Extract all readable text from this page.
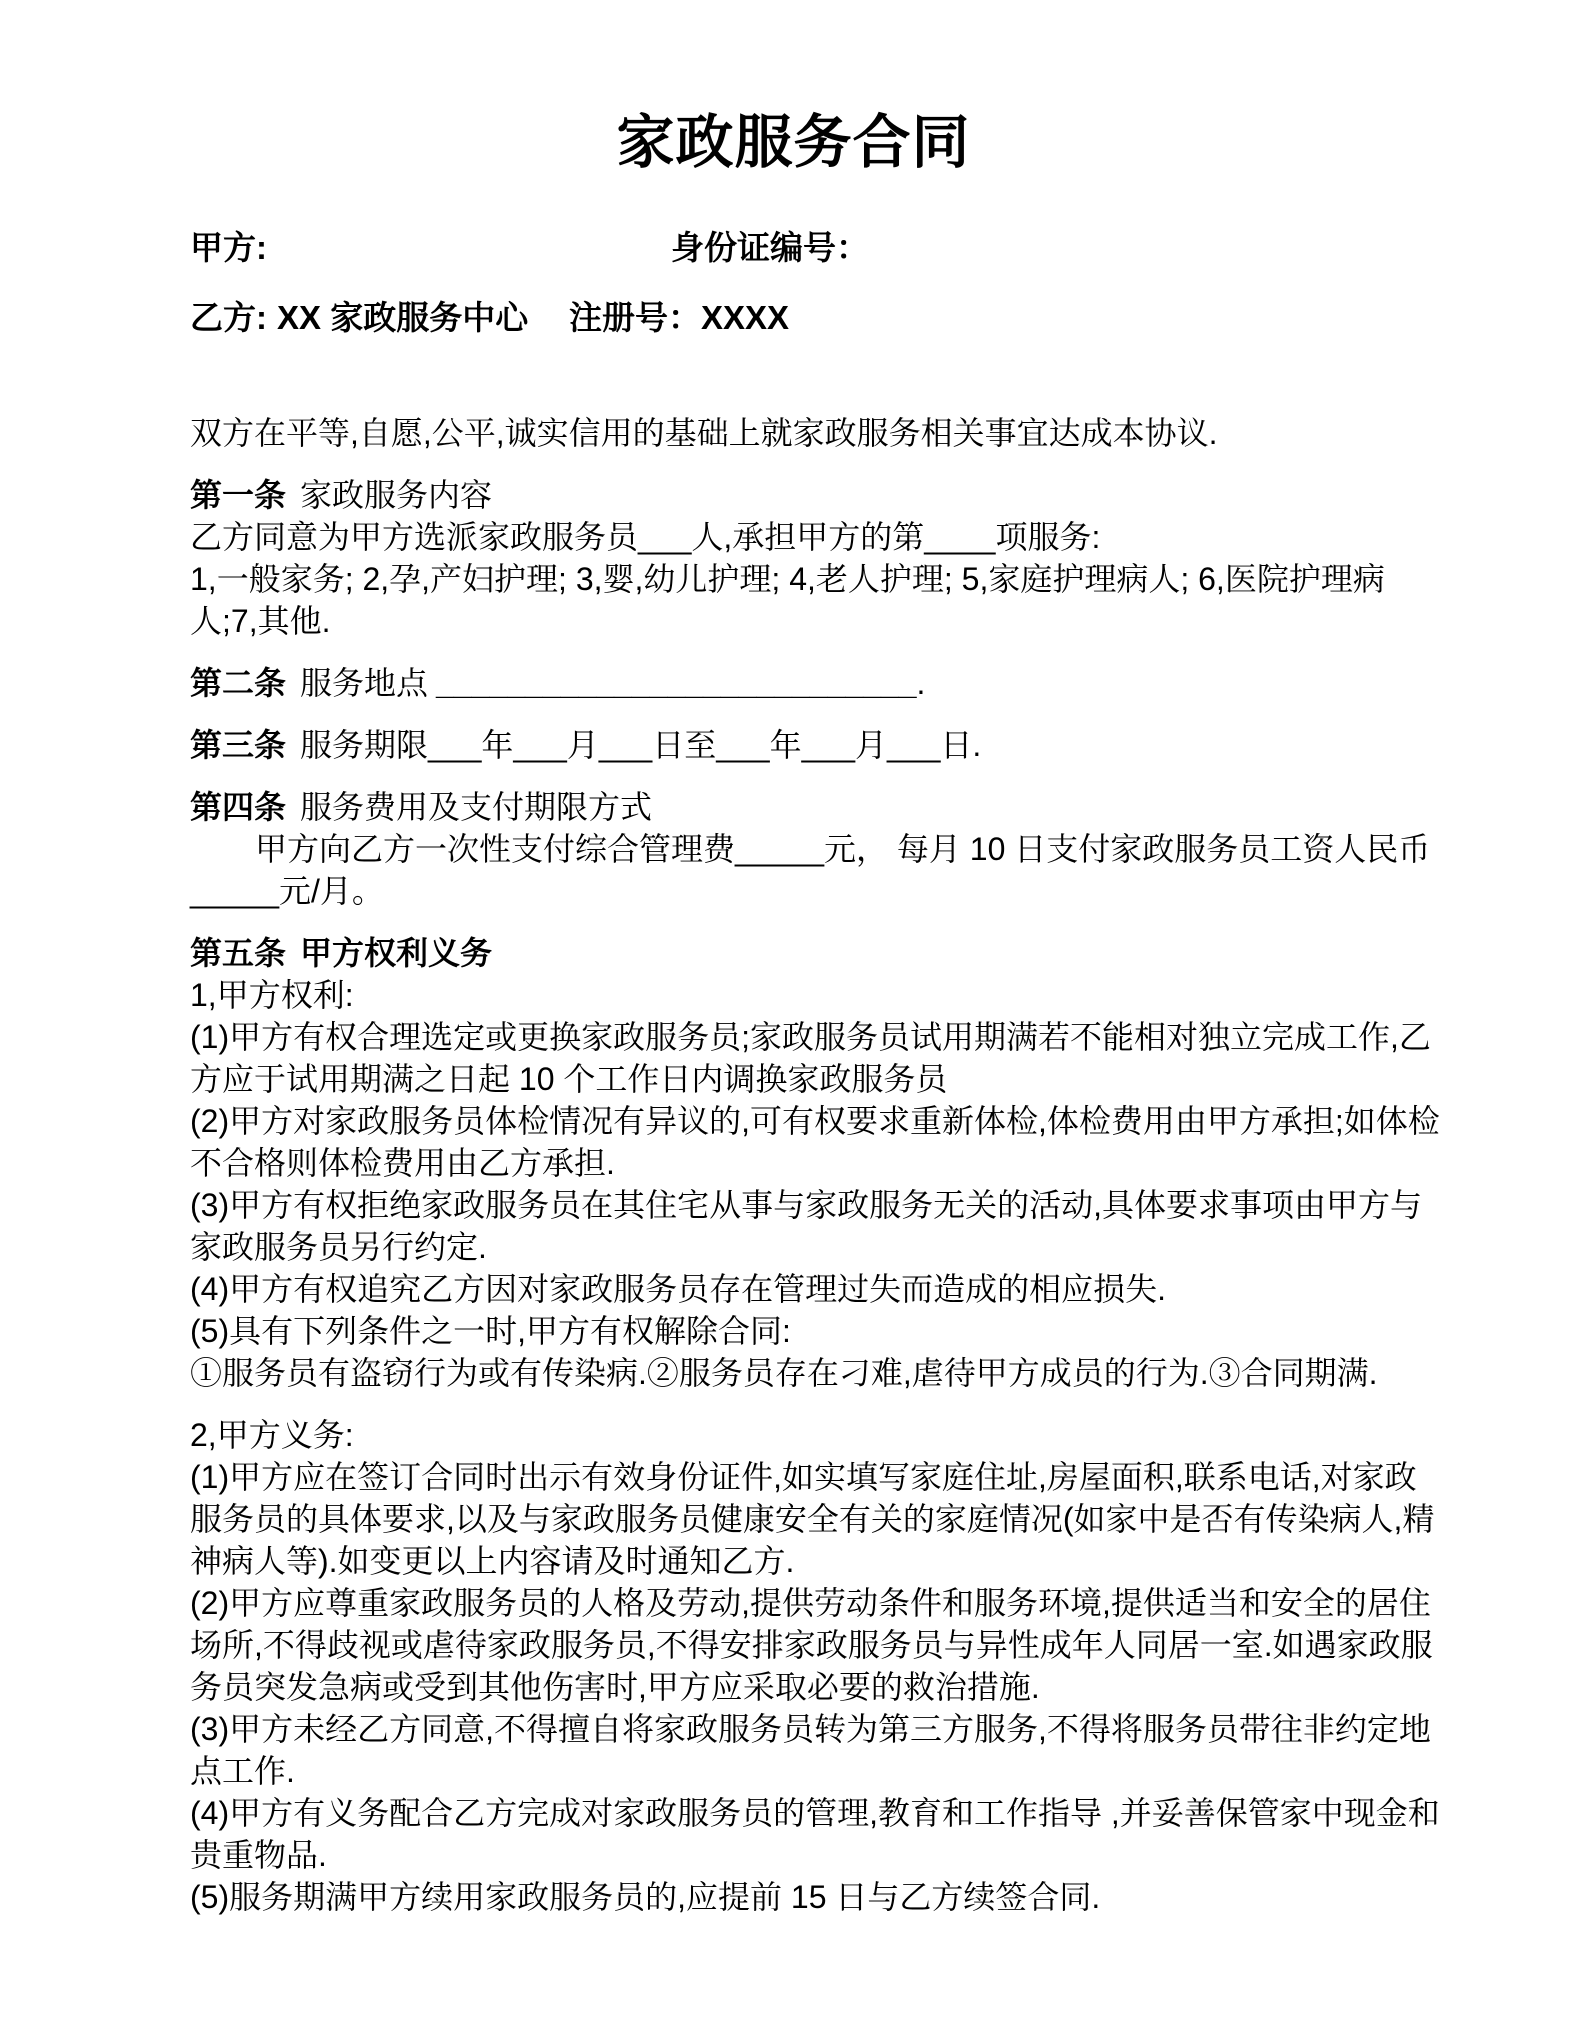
家政服务合同

甲方:	身份证编号：

乙方: XX 家政服务中心 注册号：XXXX

双方在平等,自愿,公平,诚实信用的基础上就家政服务相关事宜达成本协议.

第一条 家政服务内容

乙方同意为甲方选派家政服务员___人,承担甲方的第____项服务:

1,一般家务; 2,孕,产妇护理; 3,婴,幼儿护理; 4,老人护理; 5,家庭护理病人; 6,医院护理病人;7,其他.

第二条 服务地点 ___________________________.

第三条 服务期限___年___月___日至___年___月___日.

第四条 服务费用及支付期限方式

甲方向乙方一次性支付综合管理费_____元， 每月 10 日支付家政服务员工资人民币_____元/月。

第五条 甲方权利义务

1,甲方权利:

(1)甲方有权合理选定或更换家政服务员;家政服务员试用期满若不能相对独立完成工作,乙方应于试用期满之日起 10 个工作日内调换家政服务员

(2)甲方对家政服务员体检情况有异议的,可有权要求重新体检,体检费用由甲方承担;如体检不合格则体检费用由乙方承担.

(3)甲方有权拒绝家政服务员在其住宅从事与家政服务无关的活动,具体要求事项由甲方与家政服务员另行约定.

(4)甲方有权追究乙方因对家政服务员存在管理过失而造成的相应损失.

(5)具有下列条件之一时,甲方有权解除合同:

①服务员有盗窃行为或有传染病.②服务员存在刁难,虐待甲方成员的行为.③合同期满.

2,甲方义务:

(1)甲方应在签订合同时出示有效身份证件,如实填写家庭住址,房屋面积,联系电话,对家政服务员的具体要求,以及与家政服务员健康安全有关的家庭情况(如家中是否有传染病人,精神病人等).如变更以上内容请及时通知乙方.

(2)甲方应尊重家政服务员的人格及劳动,提供劳动条件和服务环境,提供适当和安全的居住场所,不得歧视或虐待家政服务员,不得安排家政服务员与异性成年人同居一室.如遇家政服务员突发急病或受到其他伤害时,甲方应采取必要的救治措施.

(3)甲方未经乙方同意,不得擅自将家政服务员转为第三方服务,不得将服务员带往非约定地点工作.

(4)甲方有义务配合乙方完成对家政服务员的管理,教育和工作指导 ,并妥善保管家中现金和贵重物品.

(5)服务期满甲方续用家政服务员的,应提前 15 日与乙方续签合同.
